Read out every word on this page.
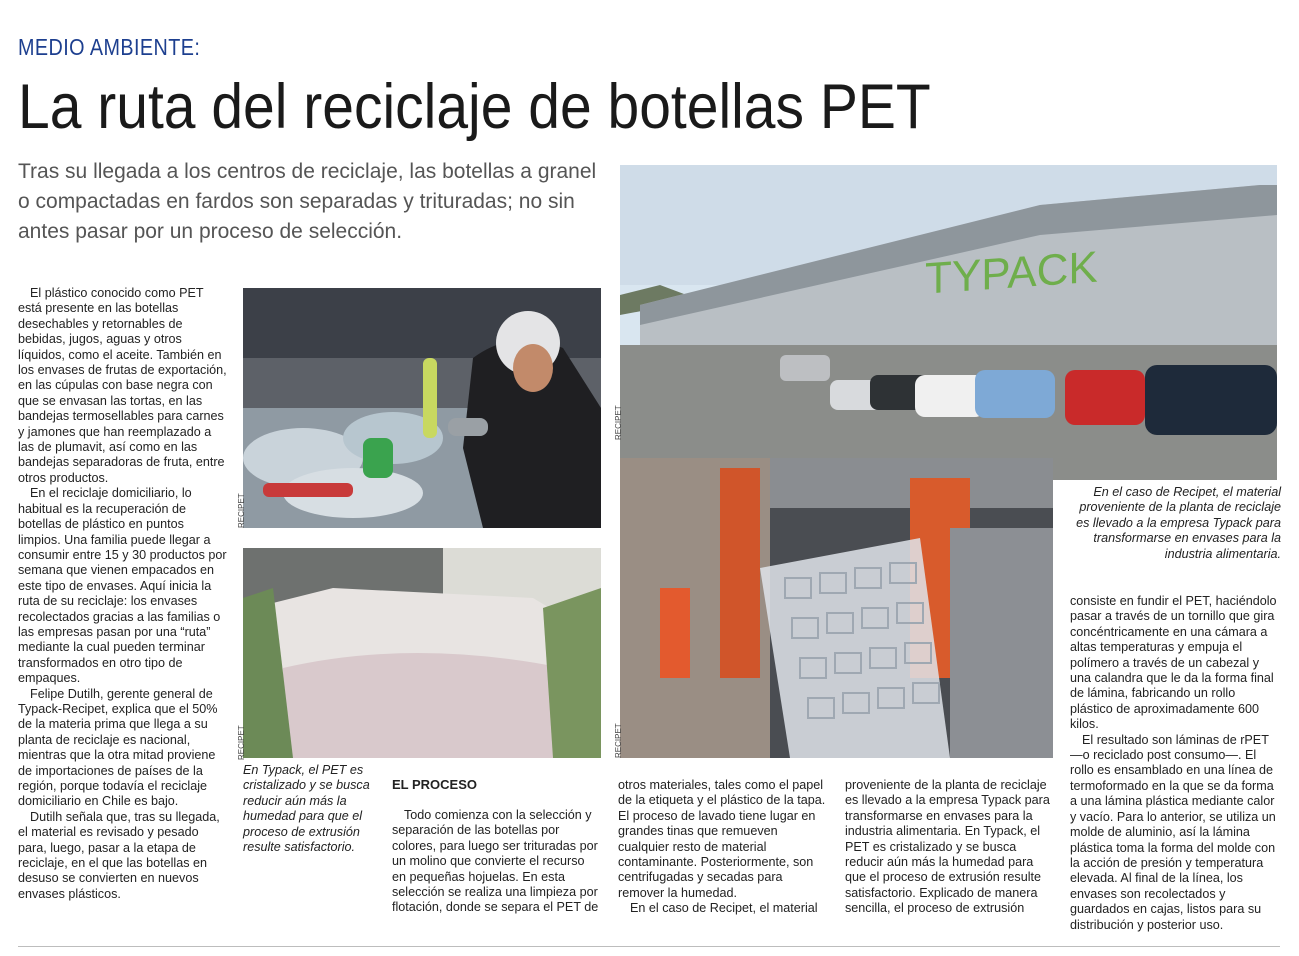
MEDIO AMBIENTE:
La ruta del reciclaje de botellas PET
Tras su llegada a los centros de reciclaje, las botellas a granel o compactadas en fardos son separadas y trituradas; no sin antes pasar por un proceso de selección.

El plástico conocido como PET está presente en las botellas desechables y retornables de bebidas, jugos, aguas y otros líquidos, como el aceite. También en los envases de frutas de exportación, en las cúpulas con base negra con que se envasan las tortas, en las bandejas termosellables para carnes y jamones que han reemplazado a las de plumavit, así como en las bandejas separadoras de fruta, entre otros productos.

En el reciclaje domiciliario, lo habitual es la recuperación de botellas de plástico en puntos limpios. Una familia puede llegar a consumir entre 15 y 30 productos por semana que vienen empacados en este tipo de envases. Aquí inicia la ruta de su reciclaje: los envases recolectados gracias a las familias o las empresas pasan por una “ruta” mediante la cual pueden terminar transformados en otro tipo de empaques.

Felipe Dutilh, gerente general de Typack-Recipet, explica que el 50% de la materia prima que llega a su planta de reciclaje es nacional, mientras que la otra mitad proviene de importaciones de países de la región, porque todavía el reciclaje domiciliario en Chile es bajo.

Dutilh señala que, tras su llegada, el material es revisado y pesado para, luego, pasar a la etapa de reciclaje, en el que las botellas en desuso se convierten en nuevos envases plásticos.

RECIPET
RECIPET
TYPACK
RECIPET
RECIPET
En el caso de Recipet, el material proveniente de la planta de reciclaje es llevado a la empresa Typack para transformarse en envases para la industria alimentaria.
En Typack, el PET es cristalizado y se busca reducir aún más la humedad para que el proceso de extrusión resulte satisfactorio.
EL PROCESO

Todo comienza con la selección y separación de las botellas por colores, para luego ser trituradas por un molino que convierte el recurso en pequeñas hojuelas. En esta selección se realiza una limpieza por flotación, donde se separa el PET de

otros materiales, tales como el papel de la etiqueta y el plástico de la tapa. El proceso de lavado tiene lugar en grandes tinas que remueven cualquier resto de material contaminante. Posteriormente, son centrifugadas y secadas para remover la humedad.

En el caso de Recipet, el material

proveniente de la planta de reciclaje es llevado a la empresa Typack para transformarse en envases para la industria alimentaria. En Typack, el PET es cristalizado y se busca reducir aún más la humedad para que el proceso de extrusión resulte satisfactorio. Explicado de manera sencilla, el proceso de extrusión

consiste en fundir el PET, haciéndolo pasar a través de un tornillo que gira concéntricamente en una cámara a altas temperaturas y empuja el polímero a través de un cabezal y una calandra que le da la forma final de lámina, fabricando un rollo plástico de aproximadamente 600 kilos.

El resultado son láminas de rPET —o reciclado post consumo—. El rollo es ensamblado en una línea de termoformado en la que se da forma a una lámina plástica mediante calor y vacío. Para lo anterior, se utiliza un molde de aluminio, así la lámina plástica toma la forma del molde con la acción de presión y temperatura elevada. Al final de la línea, los envases son recolectados y guardados en cajas, listos para su distribución y posterior uso.
